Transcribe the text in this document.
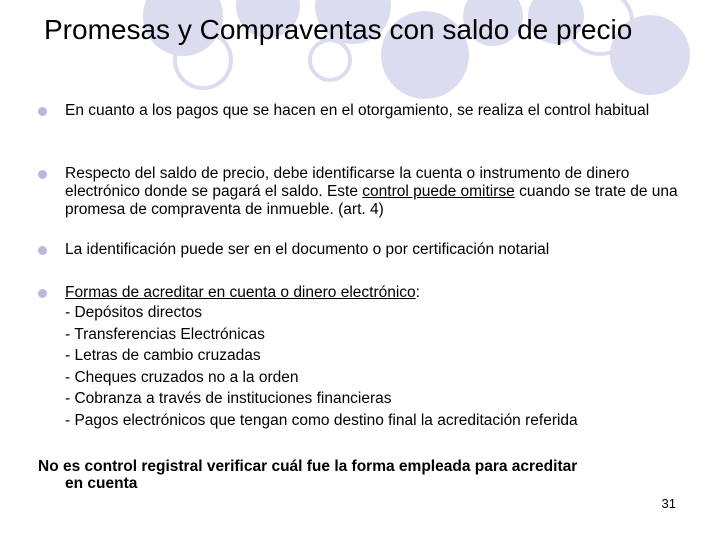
Promesas y Compraventas con saldo de precio
En cuanto a los pagos que se hacen en el otorgamiento, se realiza el control habitual
Respecto del saldo de precio, debe identificarse la cuenta o instrumento de dinero electrónico donde se pagará el saldo. Este control puede omitirse cuando se trate de una promesa de compraventa de inmueble. (art. 4)
La identificación puede ser en el documento o por certificación notarial
Formas de acreditar en cuenta o dinero electrónico:
- Depósitos directos
- Transferencias Electrónicas
- Letras de cambio cruzadas
- Cheques cruzados no a la orden
- Cobranza a través de instituciones financieras
- Pagos electrónicos que tengan como destino final la acreditación referida
No es control registral verificar cuál fue la forma empleada para acreditar
en cuenta
31
